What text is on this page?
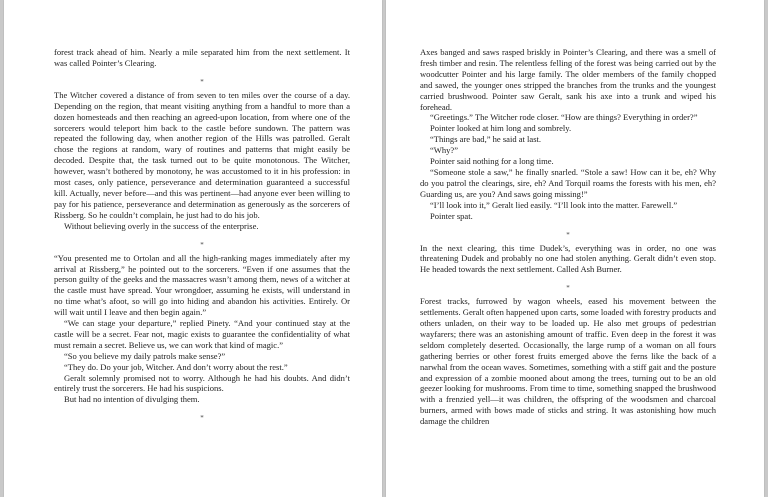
forest track ahead of him. Nearly a mile separated him from the next settlement. It was called Pointer’s Clearing.

*

The Witcher covered a distance of from seven to ten miles over the course of a day. Depending on the region, that meant visiting anything from a handful to more than a dozen homesteads and then reaching an agreed-upon location, from where one of the sorcerers would teleport him back to the castle before sundown. The pattern was repeated the following day, when another region of the Hills was patrolled. Geralt chose the regions at random, wary of routines and patterns that might easily be decoded. Despite that, the task turned out to be quite monotonous. The Witcher, however, wasn’t bothered by monotony, he was accustomed to it in his profession: in most cases, only patience, perseverance and determination guaranteed a successful kill. Actually, never before—and this was pertinent—had anyone ever been willing to pay for his patience, perseverance and determination as generously as the sorcerers of Rissberg. So he couldn’t complain, he just had to do his job.

Without believing overly in the success of the enterprise.

*

“You presented me to Ortolan and all the high-ranking mages immediately after my arrival at Rissberg,” he pointed out to the sorcerers. “Even if one assumes that the person guilty of the geeks and the massacres wasn’t among them, news of a witcher at the castle must have spread. Your wrongdoer, assuming he exists, will understand in no time what’s afoot, so will go into hiding and abandon his activities. Entirely. Or will wait until I leave and then begin again.”

“We can stage your departure,” replied Pinety. “And your continued stay at the castle will be a secret. Fear not, magic exists to guarantee the confidentiality of what must remain a secret. Believe us, we can work that kind of magic.”

“So you believe my daily patrols make sense?”

“They do. Do your job, Witcher. And don’t worry about the rest.”

Geralt solemnly promised not to worry. Although he had his doubts. And didn’t entirely trust the sorcerers. He had his suspicions.

But had no intention of divulging them.

*

Axes banged and saws rasped briskly in Pointer’s Clearing, and there was a smell of fresh timber and resin. The relentless felling of the forest was being carried out by the woodcutter Pointer and his large family. The older members of the family chopped and sawed, the younger ones stripped the branches from the trunks and the youngest carried brushwood. Pointer saw Geralt, sank his axe into a trunk and wiped his forehead.

“Greetings.” The Witcher rode closer. “How are things? Everything in order?”

Pointer looked at him long and sombrely.

“Things are bad,” he said at last.

“Why?”

Pointer said nothing for a long time.

“Someone stole a saw,” he finally snarled. “Stole a saw! How can it be, eh? Why do you patrol the clearings, sire, eh? And Torquil roams the forests with his men, eh? Guarding us, are you? And saws going missing!”

“I’ll look into it,” Geralt lied easily. “I’ll look into the matter. Farewell.”

Pointer spat.

*

In the next clearing, this time Dudek’s, everything was in order, no one was threatening Dudek and probably no one had stolen anything. Geralt didn’t even stop. He headed towards the next settlement. Called Ash Burner.

*

Forest tracks, furrowed by wagon wheels, eased his movement between the settlements. Geralt often happened upon carts, some loaded with forestry products and others unladen, on their way to be loaded up. He also met groups of pedestrian wayfarers; there was an astonishing amount of traffic. Even deep in the forest it was seldom completely deserted. Occasionally, the large rump of a woman on all fours gathering berries or other forest fruits emerged above the ferns like the back of a narwhal from the ocean waves. Sometimes, something with a stiff gait and the posture and expression of a zombie mooned about among the trees, turning out to be an old geezer looking for mushrooms. From time to time, something snapped the brushwood with a frenzied yell—it was children, the offspring of the woodsmen and charcoal burners, armed with bows made of sticks and string. It was astonishing how much damage the children
